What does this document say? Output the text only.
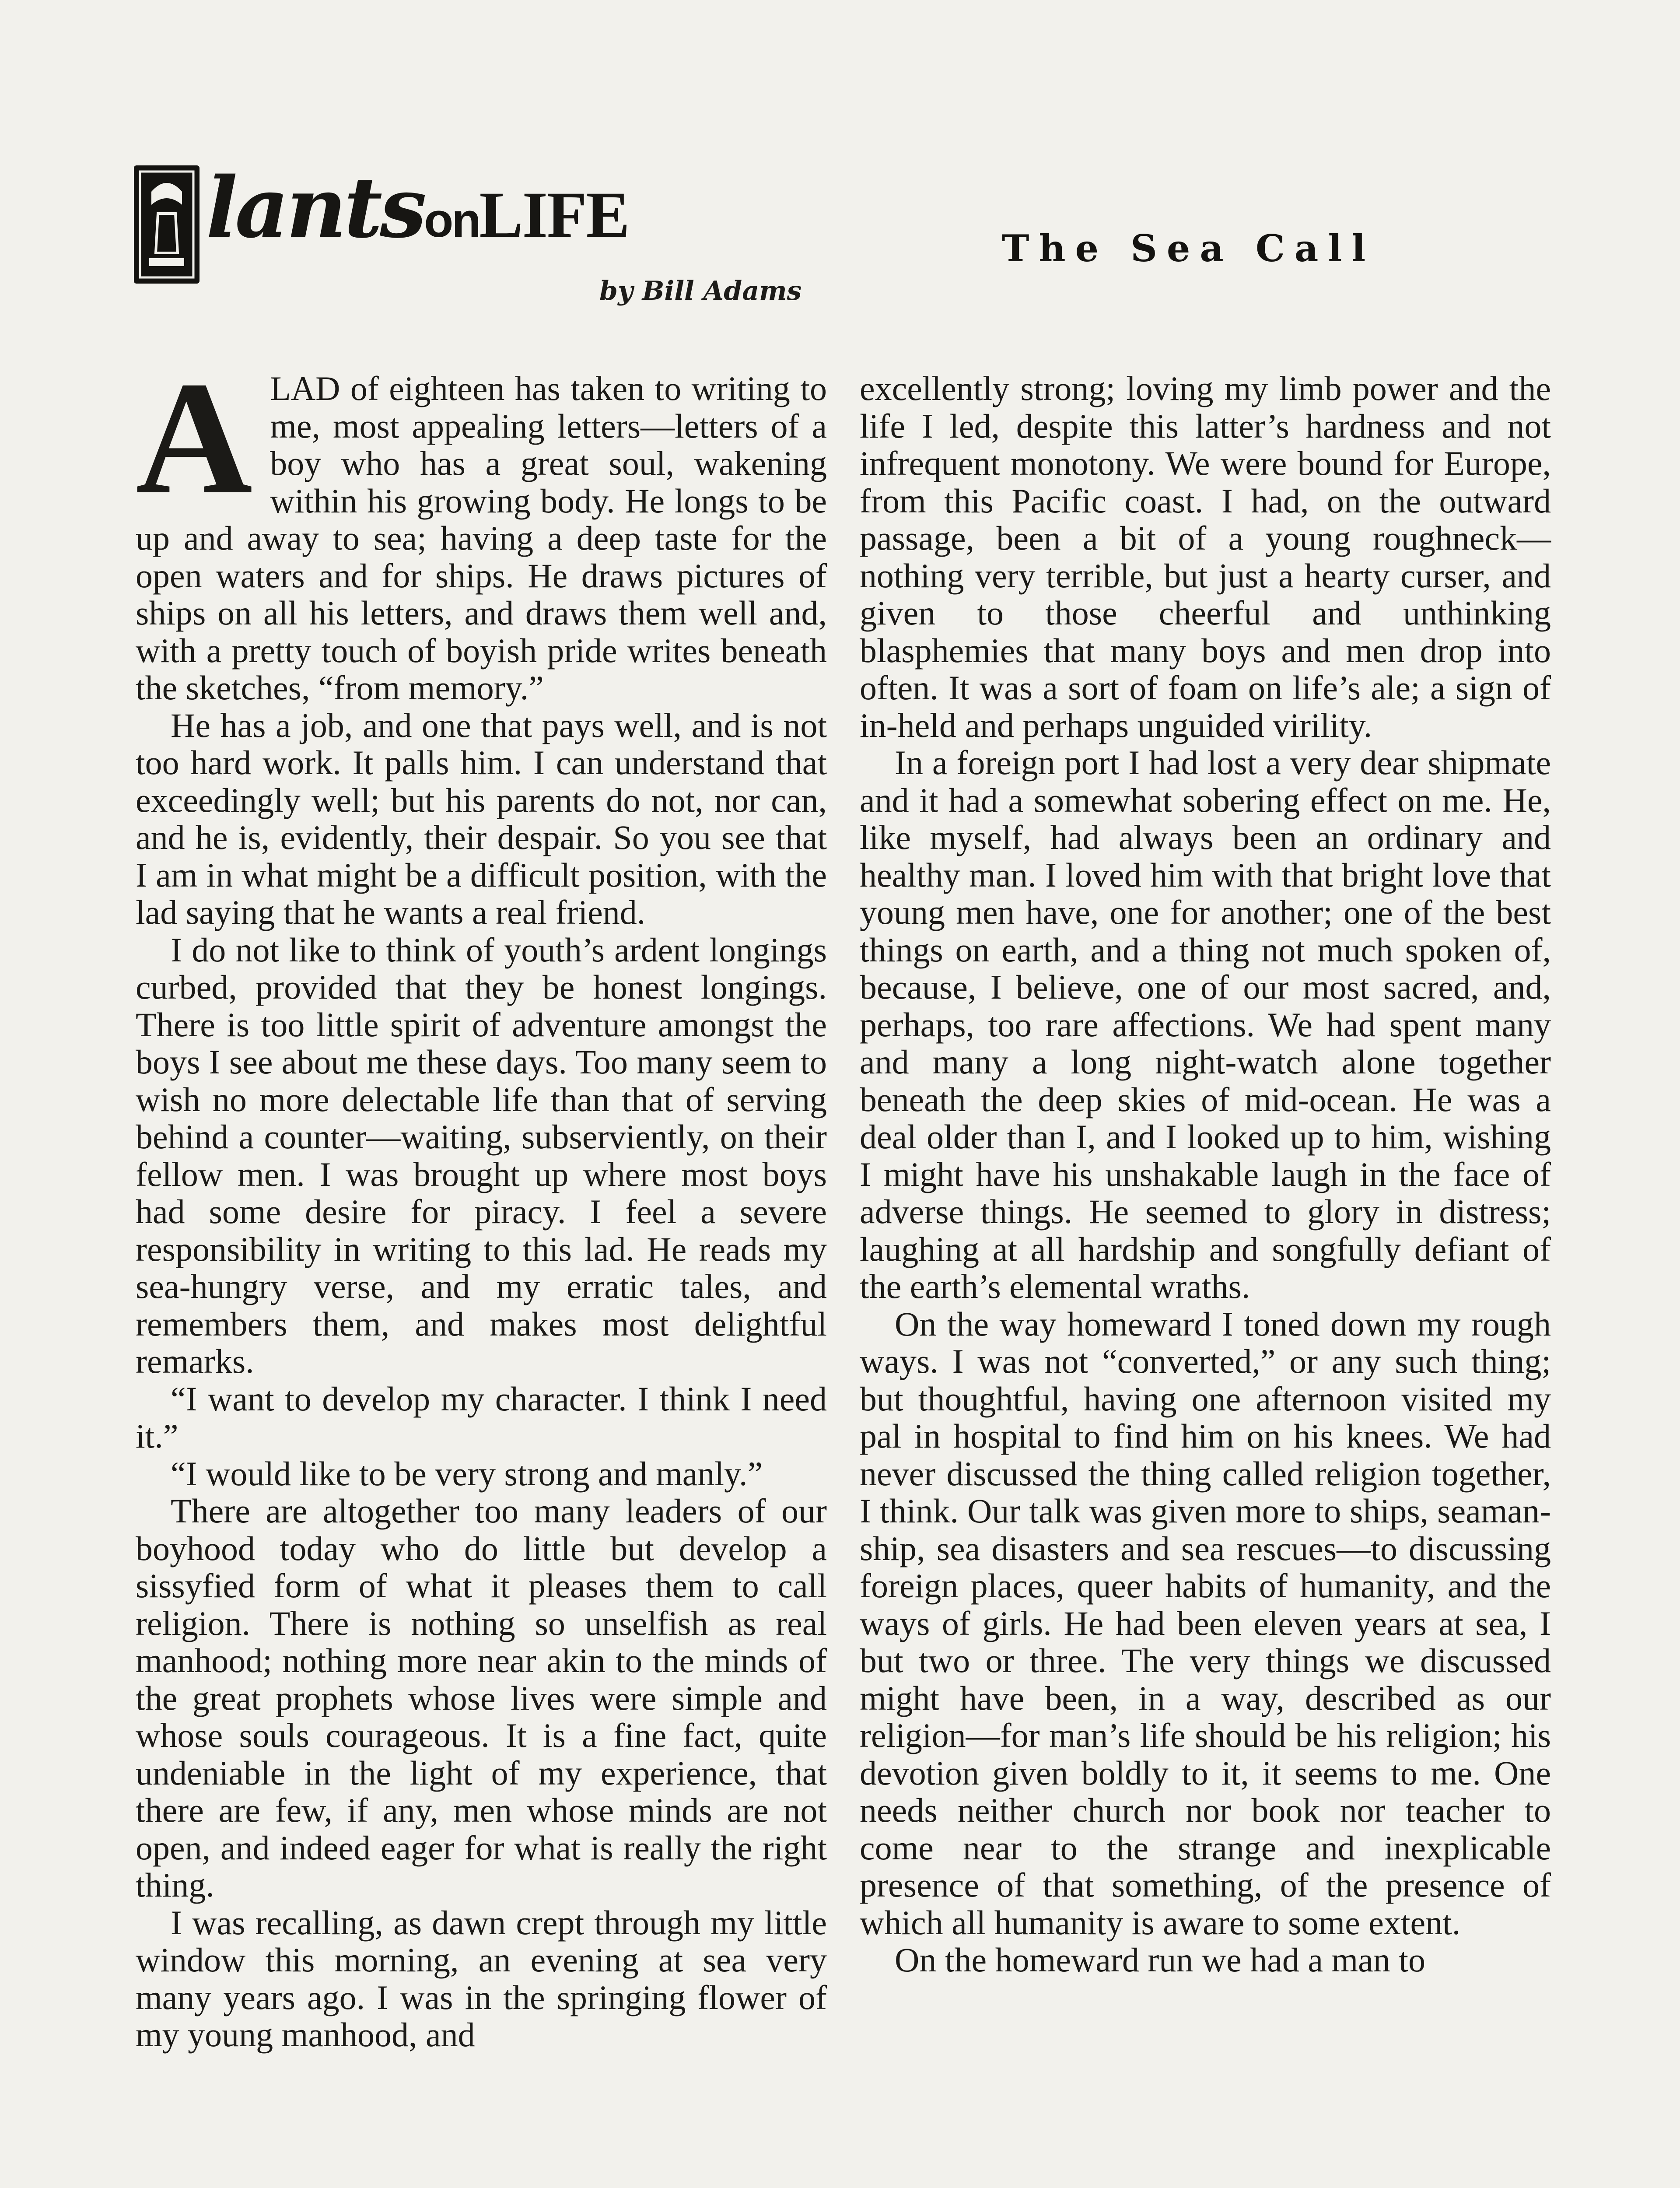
lantsonLIFE
by Bill Adams
The Sea Call

ALAD of eighteen has taken to writing to me, most appealing letters—letters of a boy who has a great soul, wakening within his growing body. He longs to be up and away to sea; having a deep taste for the open waters and for ships. He draws pictures of ships on all his letters, and draws them well and, with a pretty touch of boyish pride writes beneath the sketches, “from memory.”

He has a job, and one that pays well, and is not too hard work. It palls him. I can understand that exceedingly well; but his parents do not, nor can, and he is, evidently, their despair. So you see that I am in what might be a difficult position, with the lad saying that he wants a real friend.

I do not like to think of youth’s ardent longings curbed, provided that they be honest longings. There is too little spirit of adventure amongst the boys I see about me these days. Too many seem to wish no more delectable life than that of serving behind a counter—waiting, subserviently, on their fellow men. I was brought up where most boys had some desire for piracy. I feel a severe responsibility in writing to this lad. He reads my sea-hungry verse, and my erratic tales, and remembers them, and makes most delightful remarks.

“I want to develop my character. I think I need it.”

“I would like to be very strong and manly.”

There are altogether too many leaders of our boyhood today who do little but develop a sissyfied form of what it pleases them to call religion. There is nothing so unselfish as real manhood; nothing more near akin to the minds of the great prophets whose lives were simple and whose souls courageous. It is a fine fact, quite undeniable in the light of my experience, that there are few, if any, men whose minds are not open, and indeed eager for what is really the right thing.

I was recalling, as dawn crept through my little window this morning, an evening at sea very many years ago. I was in the springing flower of my young manhood, and

excellently strong; loving my limb power and the life I led, despite this latter’s hardness and not infrequent monotony. We were bound for Europe, from this Pacific coast. I had, on the outward passage, been a bit of a young roughneck—nothing very terrible, but just a hearty curser, and given to those cheerful and unthinking blasphemies that many boys and men drop into often. It was a sort of foam on life’s ale; a sign of in-held and perhaps unguided virility.

In a foreign port I had lost a very dear shipmate and it had a somewhat sobering effect on me. He, like myself, had always been an ordinary and healthy man. I loved him with that bright love that young men have, one for another; one of the best things on earth, and a thing not much spoken of, because, I believe, one of our most sacred, and, perhaps, too rare affections. We had spent many and many a long night-watch alone together beneath the deep skies of mid-ocean. He was a deal older than I, and I looked up to him, wishing I might have his unshakable laugh in the face of adverse things. He seemed to glory in distress; laughing at all hardship and songfully defiant of the earth’s elemental wraths.

On the way homeward I toned down my rough ways. I was not “converted,” or any such thing; but thoughtful, having one afternoon visited my pal in hospital to find him on his knees. We had never discussed the thing called religion together, I think. Our talk was given more to ships, seamanship, sea disasters and sea rescues—to discussing foreign places, queer habits of humanity, and the ways of girls. He had been eleven years at sea, I but two or three. The very things we discussed might have been, in a way, described as our religion—for man’s life should be his religion; his devotion given boldly to it, it seems to me. One needs neither church nor book nor teacher to come near to the strange and inexplicable presence of that something, of the presence of which all humanity is aware to some extent.

On the homeward run we had a man to
